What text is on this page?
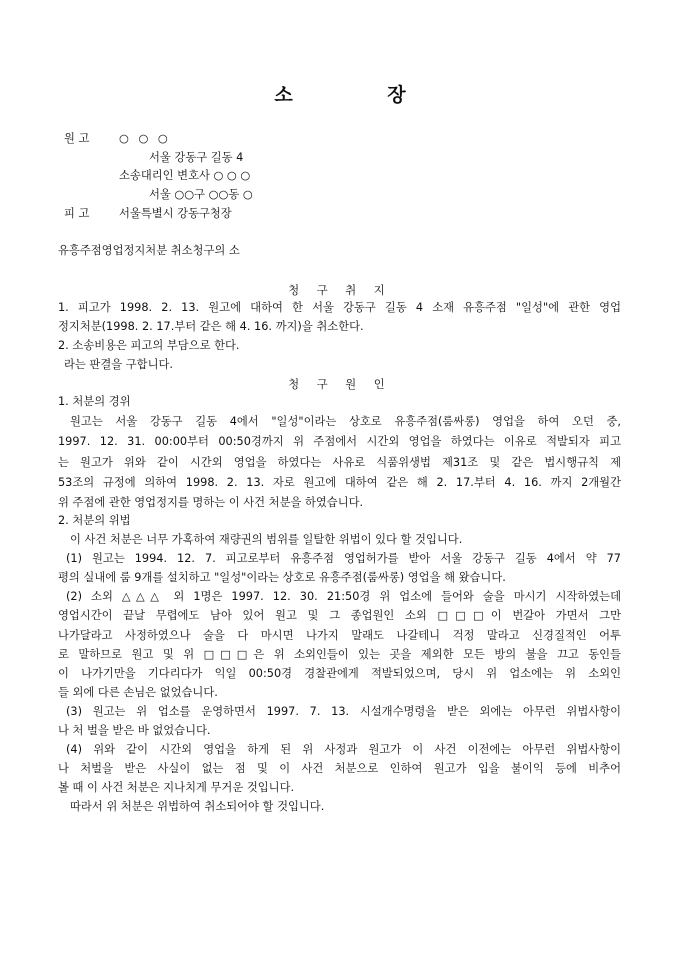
소 장
원 고	○ ○ ○
서울 강동구 길동 4
소송대리인 변호사 ○ ○ ○
서울 ○○구 ○○동 ○
피 고	서울특별시 강동구청장
유흥주점영업정지처분 취소청구의 소
청 구 취 지
1. 피고가 1998. 2. 13. 원고에 대하여 한 서울 강동구 길동 4 소재 유흥주점 "일성"에 관한 영업
정지처분(1998. 2. 17.부터 같은 해 4. 16. 까지)을 취소한다.
2. 소송비용은 피고의 부담으로 한다.
라는 판결을 구합니다.
청 구 원 인
1. 처분의 경위
원고는 서울 강동구 길동 4에서 "일성"이라는 상호로 유흥주점(룸싸롱) 영업을 하여 오던 중,
1997. 12. 31. 00:00부터 00:50경까지 위 주점에서 시간외 영업을 하였다는 이유로 적발되자 피고
는 원고가 위와 같이 시간외 영업을 하였다는 사유로 식품위생법 제31조 및 같은 법시행규칙 제
53조의 규정에 의하여 1998. 2. 13. 자로 원고에 대하여 같은 해 2. 17.부터 4. 16. 까지 2개월간
위 주점에 관한 영업정지를 명하는 이 사건 처분을 하였습니다.
2. 처분의 위법
이 사건 처분은 너무 가혹하여 재량권의 범위를 일탈한 위법이 있다 할 것입니다.
(1) 원고는 1994. 12. 7. 피고로부터 유흥주점 영업허가를 받아 서울 강동구 길동 4에서 약 77
평의 실내에 룸 9개를 설치하고 "일성"이라는 상호로 유흥주점(룸싸롱) 영업을 해 왔습니다.
(2) 소외 △△△ 외 1명은 1997. 12. 30. 21:50경 위 업소에 들어와 술을 마시기 시작하였는데
영업시간이 끝날 무렵에도 남아 있어 원고 및 그 종업원인 소외 □□□이 번갈아 가면서 그만
나가달라고 사정하였으나 술을 다 마시면 나가지 말래도 나갈테니 걱정 말라고 신경질적인 어투
로 말하므로 원고 및 위 □□□은 위 소외인들이 있는 곳을 제외한 모든 방의 불을 끄고 동인들
이 나가기만을 기다리다가 익일 00:50경 경찰관에게 적발되었으며, 당시 위 업소에는 위 소외인
들 외에 다른 손님은 없었습니다.
(3) 원고는 위 업소를 운영하면서 1997. 7. 13. 시설개수명령을 받은 외에는 아무런 위법사항이
나 처 벌을 받은 바 없었습니다.
(4) 위와 같이 시간외 영업을 하게 된 위 사정과 원고가 이 사건 이전에는 아무런 위법사항이
나 처벌을 받은 사실이 없는 점 및 이 사건 처분으로 인하여 원고가 입을 불이익 등에 비추어
볼 때 이 사건 처분은 지나치게 무거운 것입니다.
따라서 위 처분은 위법하여 취소되어야 할 것입니다.
